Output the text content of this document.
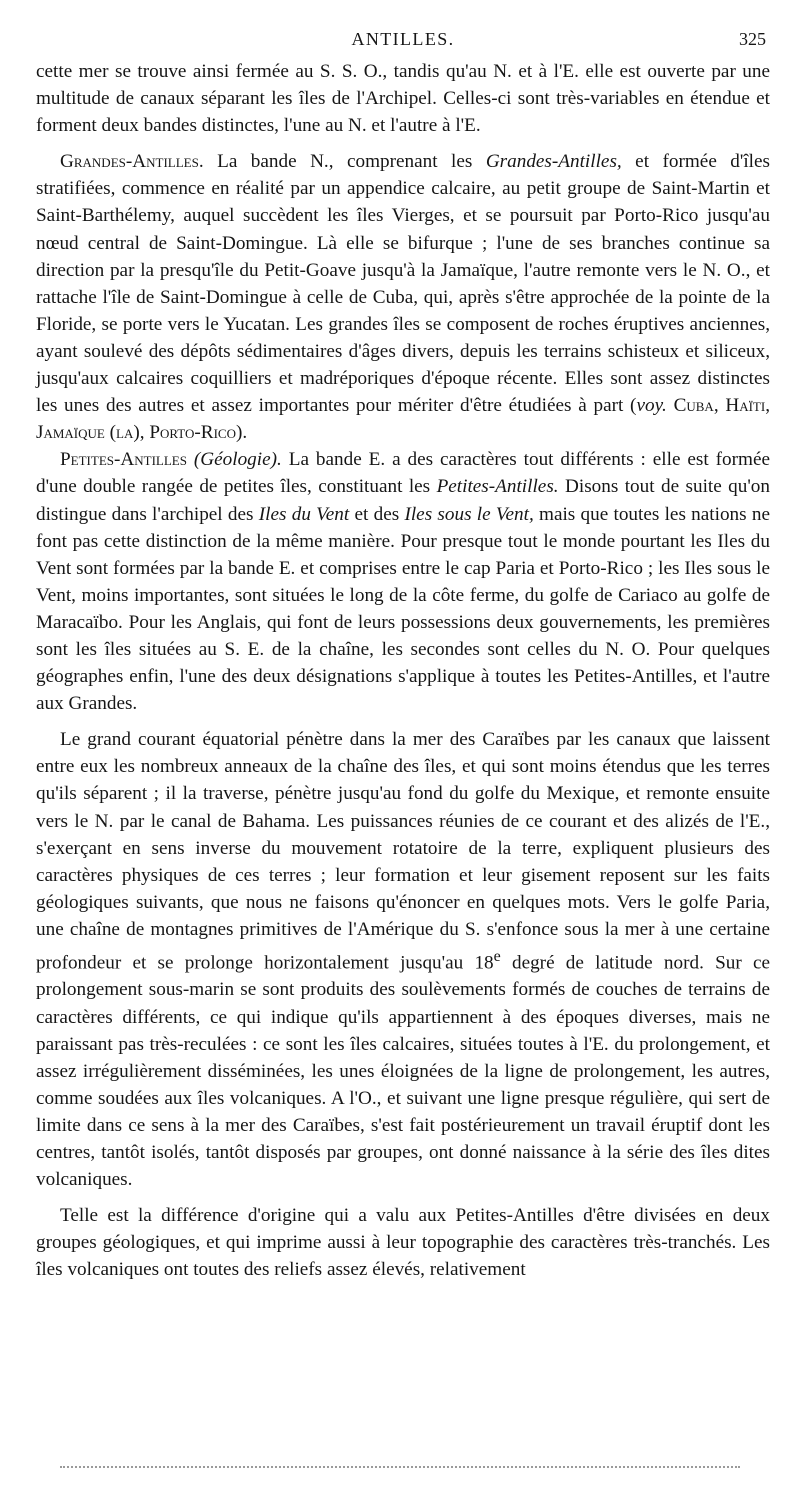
ANTILLES.	325

cette mer se trouve ainsi fermée au S. S. O., tandis qu'au N. et à l'E. elle est ouverte par une multitude de canaux séparant les îles de l'Archipel. Celles-ci sont très-variables en étendue et forment deux bandes distinctes, l'une au N. et l'autre à l'E.

Grandes-Antilles. La bande N., comprenant les Grandes-Antilles, et formée d'îles stratifiées, commence en réalité par un appendice calcaire, au petit groupe de Saint-Martin et Saint-Barthélemy, auquel succèdent les îles Vierges, et se poursuit par Porto-Rico jusqu'au nœud central de Saint-Domingue. Là elle se bifurque ; l'une de ses branches continue sa direction par la presqu'île du Petit-Goave jusqu'à la Jamaïque, l'autre remonte vers le N. O., et rattache l'île de Saint-Domingue à celle de Cuba, qui, après s'être approchée de la pointe de la Floride, se porte vers le Yucatan. Les grandes îles se composent de roches éruptives anciennes, ayant soulevé des dépôts sédimentaires d'âges divers, depuis les terrains schisteux et siliceux, jusqu'aux calcaires coquilliers et madréporiques d'époque récente. Elles sont assez distinctes les unes des autres et assez importantes pour mériter d'être étudiées à part (voy. Cuba, Haïti, Jamaïque (la), Porto-Rico).

Petites-Antilles (Géologie). La bande E. a des caractères tout différents : elle est formée d'une double rangée de petites îles, constituant les Petites-Antilles. Disons tout de suite qu'on distingue dans l'archipel des Iles du Vent et des Iles sous le Vent, mais que toutes les nations ne font pas cette distinction de la même manière. Pour presque tout le monde pourtant les Iles du Vent sont formées par la bande E. et comprises entre le cap Paria et Porto-Rico ; les Iles sous le Vent, moins importantes, sont situées le long de la côte ferme, du golfe de Cariaco au golfe de Maracaïbo. Pour les Anglais, qui font de leurs possessions deux gouvernements, les premières sont les îles situées au S. E. de la chaîne, les secondes sont celles du N. O. Pour quelques géographes enfin, l'une des deux désignations s'applique à toutes les Petites-Antilles, et l'autre aux Grandes.

Le grand courant équatorial pénètre dans la mer des Caraïbes par les canaux que laissent entre eux les nombreux anneaux de la chaîne des îles, et qui sont moins étendus que les terres qu'ils séparent ; il la traverse, pénètre jusqu'au fond du golfe du Mexique, et remonte ensuite vers le N. par le canal de Bahama. Les puissances réunies de ce courant et des alizés de l'E., s'exerçant en sens inverse du mouvement rotatoire de la terre, expliquent plusieurs des caractères physiques de ces terres ; leur formation et leur gisement reposent sur les faits géologiques suivants, que nous ne faisons qu'énoncer en quelques mots. Vers le golfe Paria, une chaîne de montagnes primitives de l'Amérique du S. s'enfonce sous la mer à une certaine profondeur et se prolonge horizontalement jusqu'au 18e degré de latitude nord. Sur ce prolongement sous-marin se sont produits des soulèvements formés de couches de terrains de caractères différents, ce qui indique qu'ils appartiennent à des époques diverses, mais ne paraissant pas très-reculées : ce sont les îles calcaires, situées toutes à l'E. du prolongement, et assez irrégulièrement disséminées, les unes éloignées de la ligne de prolongement, les autres, comme soudées aux îles volcaniques. A l'O., et suivant une ligne presque régulière, qui sert de limite dans ce sens à la mer des Caraïbes, s'est fait postérieurement un travail éruptif dont les centres, tantôt isolés, tantôt disposés par groupes, ont donné naissance à la série des îles dites volcaniques.

Telle est la différence d'origine qui a valu aux Petites-Antilles d'être divisées en deux groupes géologiques, et qui imprime aussi à leur topographie des caractères très-tranchés. Les îles volcaniques ont toutes des reliefs assez élevés, relativement
